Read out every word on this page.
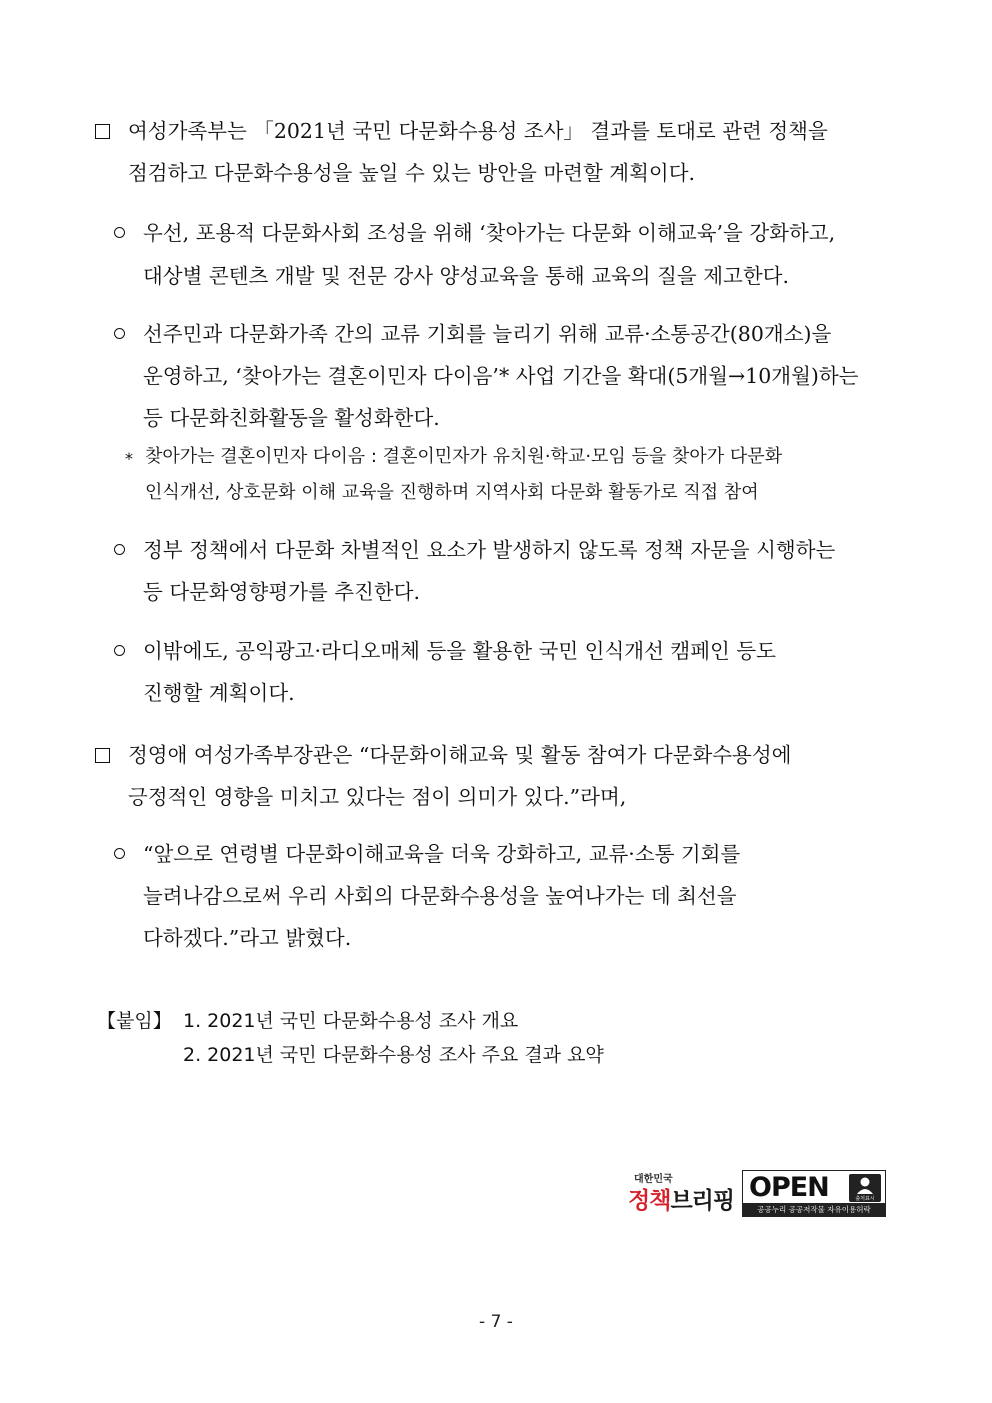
여성가족부는 「2021년 국민 다문화수용성 조사」 결과를 토대로 관련 정책을
점검하고 다문화수용성을 높일 수 있는 방안을 마련할 계획이다.
우선, 포용적 다문화사회 조성을 위해 ‘찾아가는 다문화 이해교육’을 강화하고,
대상별 콘텐츠 개발 및 전문 강사 양성교육을 통해 교육의 질을 제고한다.
선주민과 다문화가족 간의 교류 기회를 늘리기 위해 교류·소통공간(80개소)을
운영하고, ‘찾아가는 결혼이민자 다이음’* 사업 기간을 확대(5개월→10개월)하는
등 다문화친화활동을 활성화한다.
* 찾아가는 결혼이민자 다이음 : 결혼이민자가 유치원·학교·모임 등을 찾아가 다문화
인식개선, 상호문화 이해 교육을 진행하며 지역사회 다문화 활동가로 직접 참여
정부 정책에서 다문화 차별적인 요소가 발생하지 않도록 정책 자문을 시행하는
등 다문화영향평가를 추진한다.
이밖에도, 공익광고·라디오매체 등을 활용한 국민 인식개선 캠페인 등도
진행할 계획이다.
정영애 여성가족부장관은 “다문화이해교육 및 활동 참여가 다문화수용성에
긍정적인 영향을 미치고 있다는 점이 의미가 있다.”라며,
“앞으로 연령별 다문화이해교육을 더욱 강화하고, 교류·소통 기회를
늘려나감으로써 우리 사회의 다문화수용성을 높여나가는 데 최선을
다하겠다.”라고 밝혔다.
【붙임】 1. 2021년 국민 다문화수용성 조사 개요
2. 2021년 국민 다문화수용성 조사 주요 결과 요약
대한민국
정책브리핑 OPEN	출처표시
공공누리 공공저작물 자유이용허락
- 7 -
